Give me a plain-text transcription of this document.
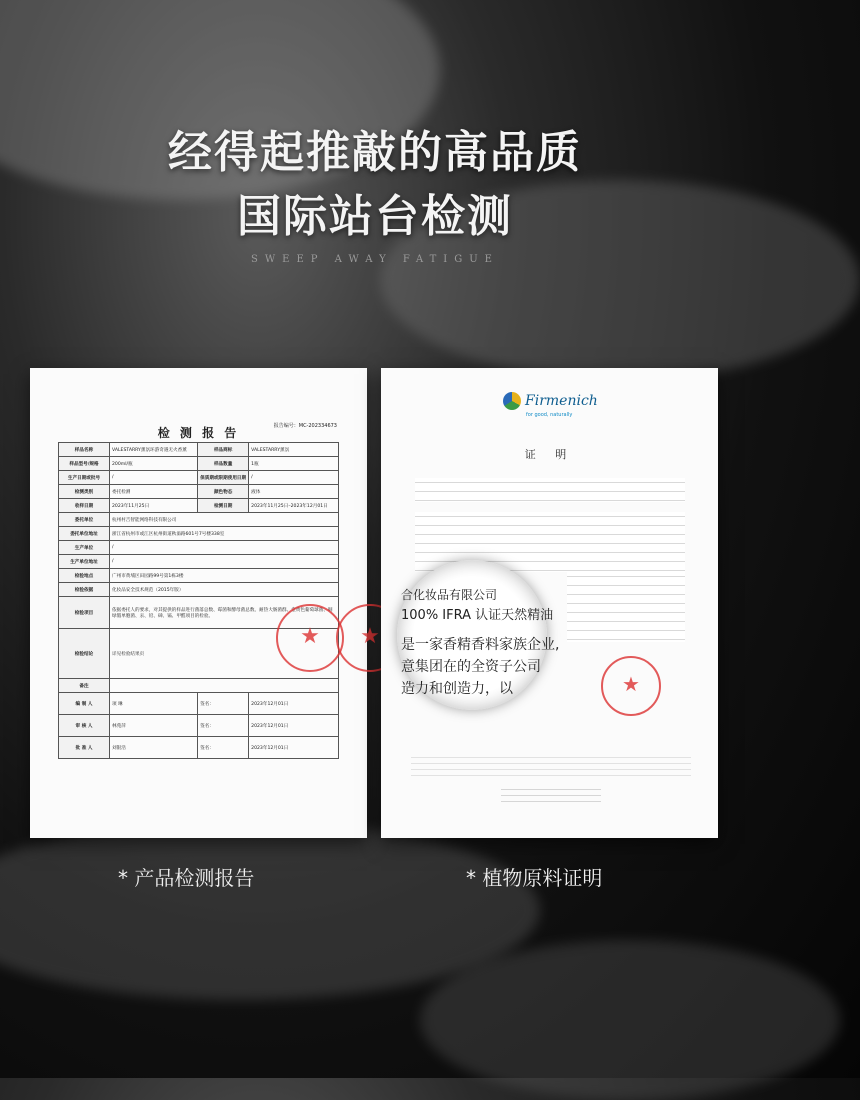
经得起推敲的高品质
国际站台检测
SWEEP AWAY FATIGUE
报告编号：MC-202334673
检 测 报 告
样品名称	VALESTARRY薰氛环游奇遇无火香薰	样品商标	VALESTARRY薰氛
样品型号/规格	200ml/瓶	样品数量	1瓶
生产日期或批号	/	保质期或限期使用日期	/
检测类别	委托检测	颜色物态	液体
收样日期	2023年11月25日	检测日期	2023年11月25日–2023年12月01日
委托单位	杭州村吉智能网络科技有限公司		
委托单位地址	浙江省杭州市或江区杭州街道秋溢路601号7号楼338室		
生产单位	/		
生产单位地址	/		
检验地点	广州市黄埔区田园路99号第1栋3楼		
检验依据	化妆品安全技术规范（2015年版）		
检验项目	依据委托人的要求，对其提供的样品进行菌落总数、霉菌和酵母菌总数、耐热大肠菌群、金黄色葡萄球菌、铜绿假单胞菌、汞、铅、砷、镉、甲醛项目的检验。		
检验结论	详见检验结果页		
备注			
编 制 人	项 琳	签名：	2023年12月01日
审 核 人	林苑萍	签名：	2023年12月01日
批 准 人	刘银浩	签名：	2023年12月01日
★	★
Firmenich
for good, naturally
证 明
合化妆品有限公司
100% IFRA 认证天然精油
是一家香精香料家族企业,
意集团在的全资子公司
造力和创造力，以	★
* 产品检测报告	* 植物原料证明
